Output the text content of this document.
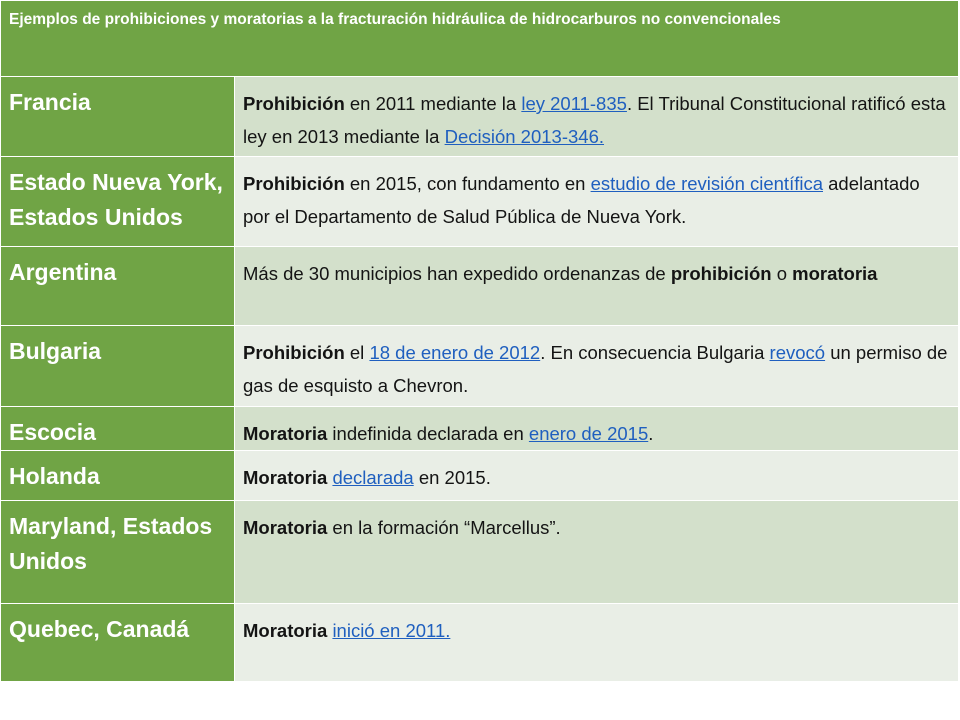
Ejemplos de prohibiciones y moratorias a la fracturación hidráulica de hidrocarburos no convencionales	
Francia	Prohibición en 2011 mediante la ley 2011-835. El Tribunal Constitucional ratificó esta ley en 2013 mediante la Decisión 2013-346.
Estado Nueva York, Estados Unidos	Prohibición en 2015, con fundamento en estudio de revisión científica adelantado por el Departamento de Salud Pública de Nueva York.
Argentina	Más de 30 municipios han expedido ordenanzas de prohibición o moratoria
Bulgaria	Prohibición el 18 de enero de 2012. En consecuencia Bulgaria revocó un permiso de gas de esquisto a Chevron.
Escocia	Moratoria indefinida declarada en enero de 2015.
Holanda	Moratoria declarada en 2015.
Maryland, Estados Unidos	Moratoria en la formación “Marcellus”.
Quebec, Canadá	Moratoria inició en 2011.
